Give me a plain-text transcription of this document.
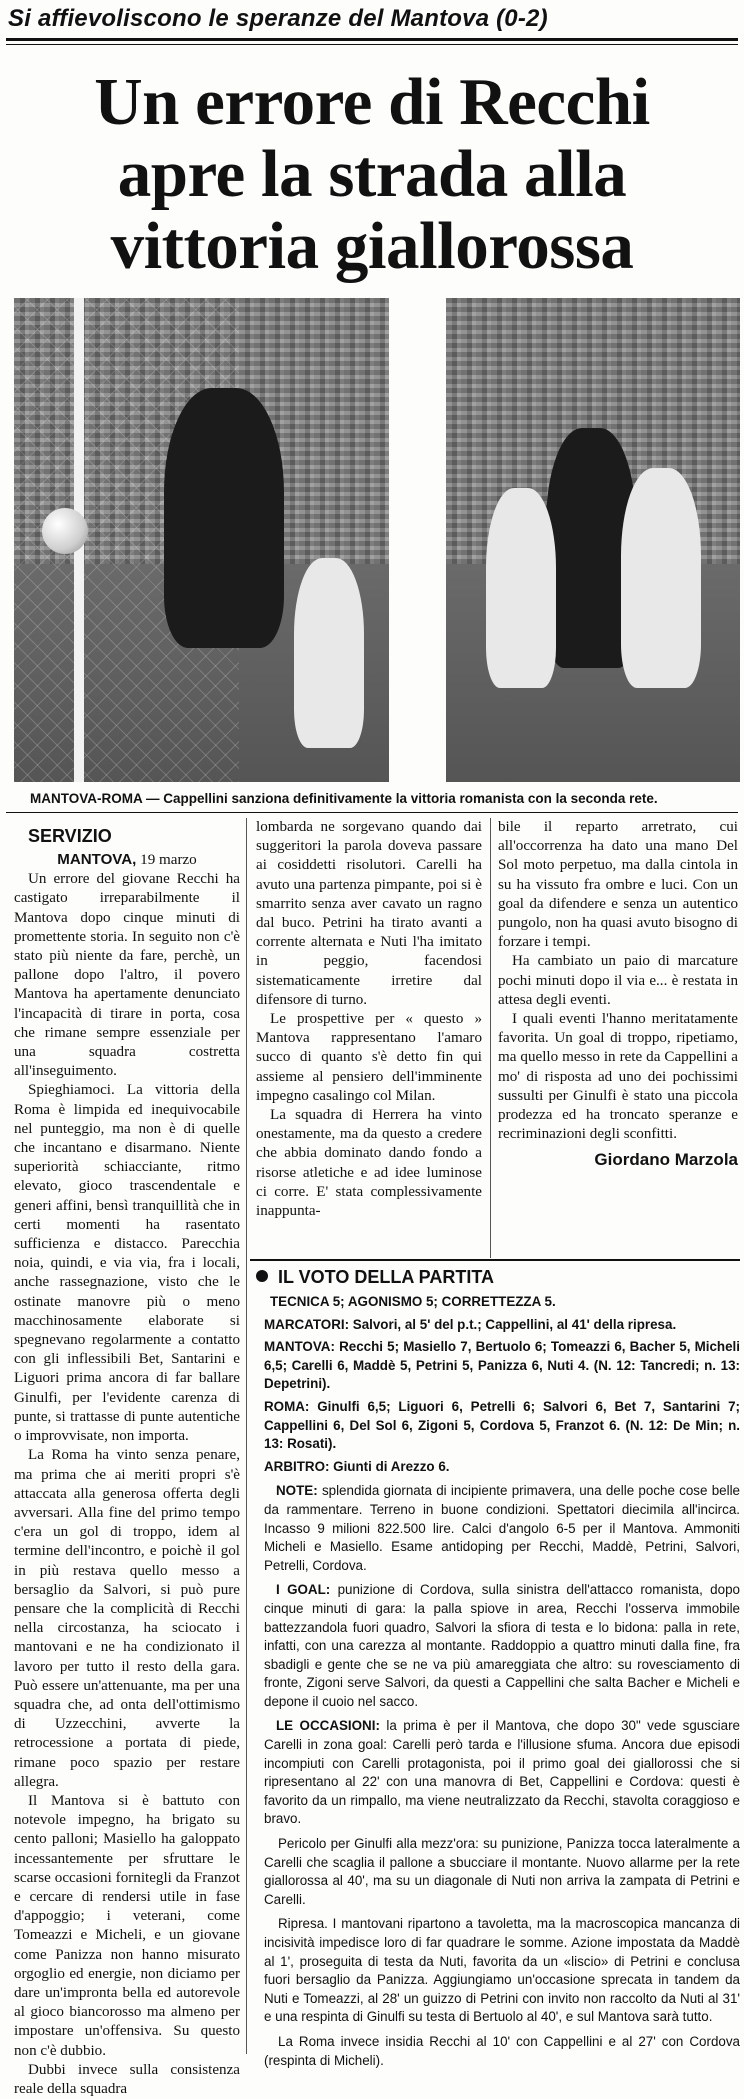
Si affievoliscono le speranze del Mantova (0-2)
Un errore di Recchi
apre la strada alla
vittoria giallorossa
MANTOVA-ROMA — Cappellini sanziona definitivamente la vittoria romanista con la seconda rete.
SERVIZIO
MANTOVA, 19 marzo

Un errore del giovane Recchi ha castigato irreparabilmente il Mantova dopo cinque minuti di promettente storia. In seguito non c'è stato più niente da fare, perchè, un pallone dopo l'altro, il povero Mantova ha apertamente denunciato l'incapacità di tirare in porta, cosa che rimane sempre essenziale per una squadra costretta all'inseguimento.

Spieghiamoci. La vittoria della Roma è limpida ed inequivocabile nel punteggio, ma non è di quelle che incantano e disarmano. Niente superiorità schiacciante, ritmo elevato, gioco trascendentale e generi affini, bensì tranquillità che in certi momenti ha rasentato sufficienza e distacco. Parecchia noia, quindi, e via via, fra i locali, anche rassegnazione, visto che le ostinate manovre più o meno macchinosamente elaborate si spegnevano regolarmente a contatto con gli inflessibili Bet, Santarini e Liguori prima ancora di far ballare Ginulfi, per l'evidente carenza di punte, si trattasse di punte autentiche o improvvisate, non importa.

La Roma ha vinto senza penare, ma prima che ai meriti propri s'è attaccata alla generosa offerta degli avversari. Alla fine del primo tempo c'era un gol di troppo, idem al termine dell'incontro, e poichè il gol in più restava quello messo a bersaglio da Salvori, si può pure pensare che la complicità di Recchi nella circostanza, ha sciocato i mantovani e ne ha condizionato il lavoro per tutto il resto della gara. Può essere un'attenuante, ma per una squadra che, ad onta dell'ottimismo di Uzzecchini, avverte la retrocessione a portata di piede, rimane poco spazio per restare allegra.

Il Mantova si è battuto con notevole impegno, ha brigato su cento palloni; Masiello ha galoppato incessantemente per sfruttare le scarse occasioni fornitegli da Franzot e cercare di rendersi utile in fase d'appoggio; i veterani, come Tomeazzi e Micheli, e un giovane come Panizza non hanno misurato orgoglio ed energie, non diciamo per dare un'impronta bella ed autorevole al gioco biancorosso ma almeno per impostare un'offensiva. Su questo non c'è dubbio.

Dubbi invece sulla consistenza reale della squadra

lombarda ne sorgevano quando dai suggeritori la parola doveva passare ai cosiddetti risolutori. Carelli ha avuto una partenza pimpante, poi si è smarrito senza aver cavato un ragno dal buco. Petrini ha tirato avanti a corrente alternata e Nuti l'ha imitato in peggio, facendosi sistematicamente irretire dal difensore di turno.

Le prospettive per « questo » Mantova rappresentano l'amaro succo di quanto s'è detto fin qui assieme al pensiero dell'imminente impegno casalingo col Milan.

La squadra di Herrera ha vinto onestamente, ma da questo a credere che abbia dominato dando fondo a risorse atletiche e ad idee luminose ci corre. E' stata complessivamente inappunta-

bile il reparto arretrato, cui all'occorrenza ha dato una mano Del Sol moto perpetuo, ma dalla cintola in su ha vissuto fra ombre e luci. Con un goal da difendere e senza un autentico pungolo, non ha quasi avuto bisogno di forzare i tempi.

Ha cambiato un paio di marcature pochi minuti dopo il via e... è restata in attesa degli eventi.

I quali eventi l'hanno meritatamente favorita. Un goal di troppo, ripetiamo, ma quello messo in rete da Cappellini a mo' di risposta ad uno dei pochissimi sussulti per Ginulfi è stato una piccola prodezza ed ha troncato speranze e recriminazioni degli sconfitti.

Giordano Marzola
IL VOTO DELLA PARTITA
TECNICA 5; AGONISMO 5; CORRETTEZZA 5.
MARCATORI: Salvori, al 5' del p.t.; Cappellini, al 41' della ripresa.
MANTOVA: Recchi 5; Masiello 7, Bertuolo 6; Tomeazzi 6, Bacher 5, Micheli 6,5; Carelli 6, Maddè 5, Petrini 5, Panizza 6, Nuti 4. (N. 12: Tancredi; n. 13: Depetrini).
ROMA: Ginulfi 6,5; Liguori 6, Petrelli 6; Salvori 6, Bet 7, Santarini 7; Cappellini 6, Del Sol 6, Zigoni 5, Cordova 5, Franzot 6. (N. 12: De Min; n. 13: Rosati).
ARBITRO: Giunti di Arezzo 6.
NOTE: splendida giornata di incipiente primavera, una delle poche cose belle da rammentare. Terreno in buone condizioni. Spettatori diecimila all'incirca. Incasso 9 milioni 822.500 lire. Calci d'angolo 6-5 per il Mantova. Ammoniti Micheli e Masiello. Esame antidoping per Recchi, Maddè, Petrini, Salvori, Petrelli, Cordova.
I GOAL: punizione di Cordova, sulla sinistra dell'attacco romanista, dopo cinque minuti di gara: la palla spiove in area, Recchi l'osserva immobile battezzandola fuori quadro, Salvori la sfiora di testa e lo bidona: palla in rete, infatti, con una carezza al montante. Raddoppio a quattro minuti dalla fine, fra sbadigli e gente che se ne va più amareggiata che altro: su rovesciamento di fronte, Zigoni serve Salvori, da questi a Cappellini che salta Bacher e Micheli e depone il cuoio nel sacco.
LE OCCASIONI: la prima è per il Mantova, che dopo 30" vede sgusciare Carelli in zona goal: Carelli però tarda e l'illusione sfuma. Ancora due episodi incompiuti con Carelli protagonista, poi il primo goal dei giallorossi che si ripresentano al 22' con una manovra di Bet, Cappellini e Cordova: questi è favorito da un rimpallo, ma viene neutralizzato da Recchi, stavolta coraggioso e bravo.
Pericolo per Ginulfi alla mezz'ora: su punizione, Panizza tocca lateralmente a Carelli che scaglia il pallone a sbucciare il montante. Nuovo allarme per la rete giallorossa al 40', ma su un diagonale di Nuti non arriva la zampata di Petrini e Carelli.
Ripresa. I mantovani ripartono a tavoletta, ma la macroscopica mancanza di incisività impedisce loro di far quadrare le somme. Azione impostata da Maddè al 1', proseguita di testa da Nuti, favorita da un «liscio» di Petrini e conclusa fuori bersaglio da Panizza. Aggiungiamo un'occasione sprecata in tandem da Nuti e Tomeazzi, al 28' un guizzo di Petrini con invito non raccolto da Nuti al 31' e una respinta di Ginulfi su testa di Bertuolo al 40', e sul Mantova sarà tutto.
La Roma invece insidia Recchi al 10' con Cappellini e al 27' con Cordova (respinta di Micheli).
